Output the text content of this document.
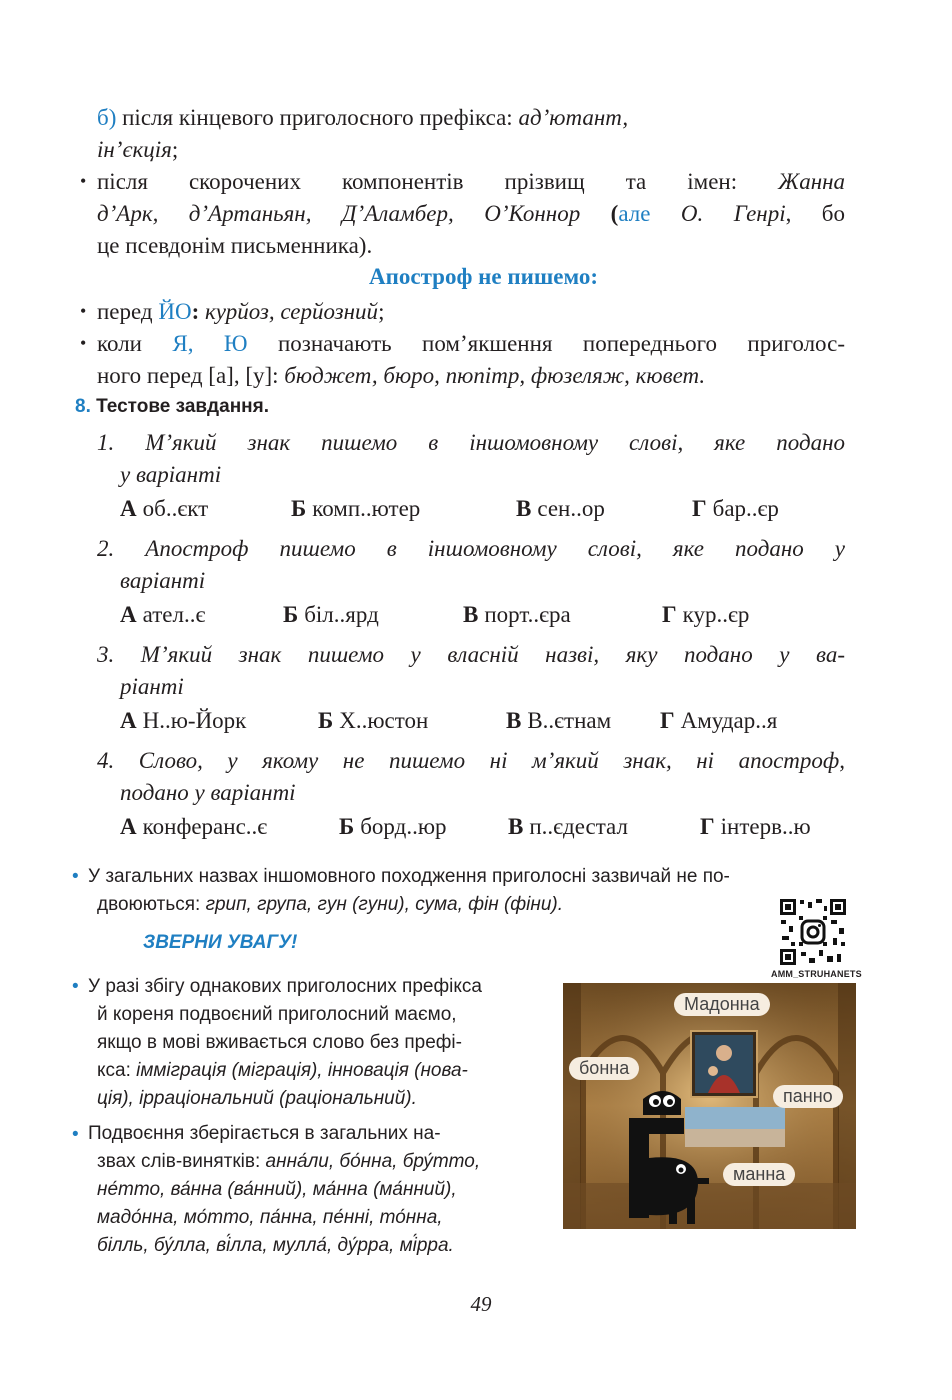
б) після кінцевого приголосного префікса: ад’ютант,
ін’єкція;
• після скорочених компонентів прізвищ та імен: Жанна
д’Арк, д’Артаньян, Д’Аламбер, О’Коннор (але О. Генрі, бо
це псевдонім письменника).
Апостроф не пишемо:
• перед ЙО: курйоз, серйозний;
• коли Я, Ю позначають пом’якшення попереднього приголос-
ного перед [а], [у]: бюджет, бюро, пюпітр, фюзеляж, кювет.
8. Тестове завдання.
1. М’який знак пишемо в іншомовному слові, яке подано
у варіанті
А об..єкт	Б комп..ютер	В сен..ор	Г бар..єр
2. Апостроф пишемо в іншомовному слові, яке подано у
варіанті
А ател..є	Б біл..ярд	В порт..єра	Г кур..єр
3. М’який знак пишемо у власній назві, яку подано у ва-
ріанті
А Н..ю-Йорк	Б Х..юстон	В В..єтнам Г Амудар..я
4. Слово, у якому не пишемо ні м’який знак, ні апостроф,
подано у варіанті
А конферанс..є	Б борд..юр	В п..єдестал	Г інтерв..ю
• У загальних назвах іншомовного походження приголосні зазвичай не по-
двоюються: грип, група, гун (гуни), сума, фін (фіни).
ЗВЕРНИ УВАГУ!
AMM_STRUHANETS
• У разі збігу однакових приголосних префікса
й кореня подвоєний приголосний маємо,
якщо в мові вживається слово без префі-
кса: імміграція (міграція), інновація (нова-
ція), ірраціональний (раціональний).
• Подвоєння зберігається в загальних на-
звах слів-винятків: анна́ли, бо́нна, бру́тто,
не́тто, ва́нна (ва́нний), ма́нна (ма́нний),
мадо́нна, мо́тто, па́нна, пе́нні, то́нна,
білль, бу́лла, ві́лла, мулла́, ду́рра, мі́рра.
Мадонна
бонна
панно
манна
49
